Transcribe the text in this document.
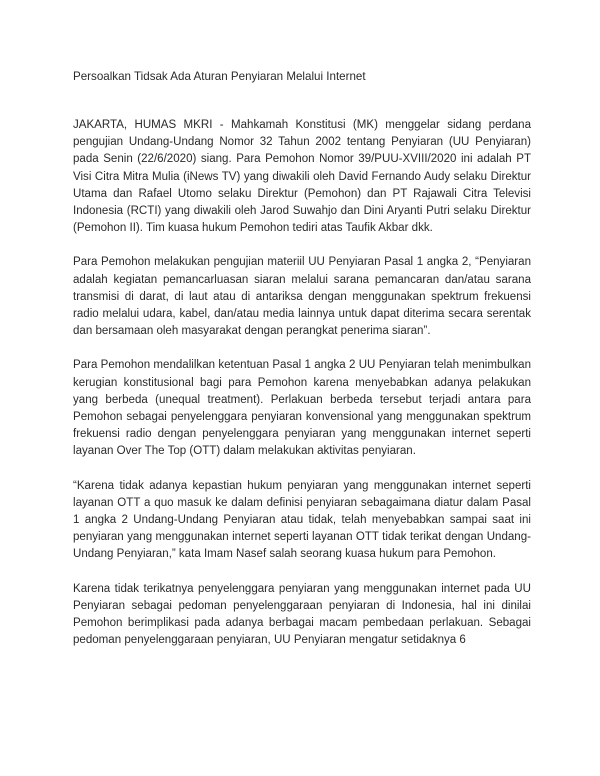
Persoalkan Tidsak Ada Aturan Penyiaran Melalui Internet

JAKARTA, HUMAS MKRI - Mahkamah Konstitusi (MK) menggelar sidang perdana pengujian Undang-Undang Nomor 32 Tahun 2002 tentang Penyiaran (UU Penyiaran) pada Senin (22/6/2020) siang. Para Pemohon Nomor 39/PUU-XVIII/2020 ini adalah PT Visi Citra Mitra Mulia (iNews TV) yang diwakili oleh David Fernando Audy selaku Direktur Utama dan Rafael Utomo selaku Direktur (Pemohon) dan PT Rajawali Citra Televisi Indonesia (RCTI) yang diwakili oleh Jarod Suwahjo dan Dini Aryanti Putri selaku Direktur (Pemohon II). Tim kuasa hukum Pemohon tediri atas Taufik Akbar dkk.

Para Pemohon melakukan pengujian materiil UU Penyiaran Pasal 1 angka 2, “Penyiaran adalah kegiatan pemancarluasan siaran melalui sarana pemancaran dan/atau sarana transmisi di darat, di laut atau di antariksa dengan menggunakan spektrum frekuensi radio melalui udara, kabel, dan/atau media lainnya untuk dapat diterima secara serentak dan bersamaan oleh masyarakat dengan perangkat penerima siaran”.

Para Pemohon mendalilkan ketentuan Pasal 1 angka 2 UU Penyiaran telah menimbulkan kerugian konstitusional bagi para Pemohon karena menyebabkan adanya pelakukan yang berbeda (unequal treatment). Perlakuan berbeda tersebut terjadi antara para Pemohon sebagai penyelenggara penyiaran konvensional yang menggunakan spektrum frekuensi radio dengan penyelenggara penyiaran yang menggunakan internet seperti layanan Over The Top (OTT) dalam melakukan aktivitas penyiaran.

“Karena tidak adanya kepastian hukum penyiaran yang menggunakan internet seperti layanan OTT a quo masuk ke dalam definisi penyiaran sebagaimana diatur dalam Pasal 1 angka 2 Undang-Undang Penyiaran atau tidak, telah menyebabkan sampai saat ini penyiaran yang menggunakan internet seperti layanan OTT tidak terikat dengan Undang-Undang Penyiaran,” kata Imam Nasef salah seorang kuasa hukum para Pemohon.

Karena tidak terikatnya penyelenggara penyiaran yang menggunakan internet pada UU Penyiaran sebagai pedoman penyelenggaraan penyiaran di Indonesia, hal ini dinilai Pemohon berimplikasi pada adanya berbagai macam pembedaan perlakuan. Sebagai pedoman penyelenggaraan penyiaran, UU Penyiaran mengatur setidaknya 6
